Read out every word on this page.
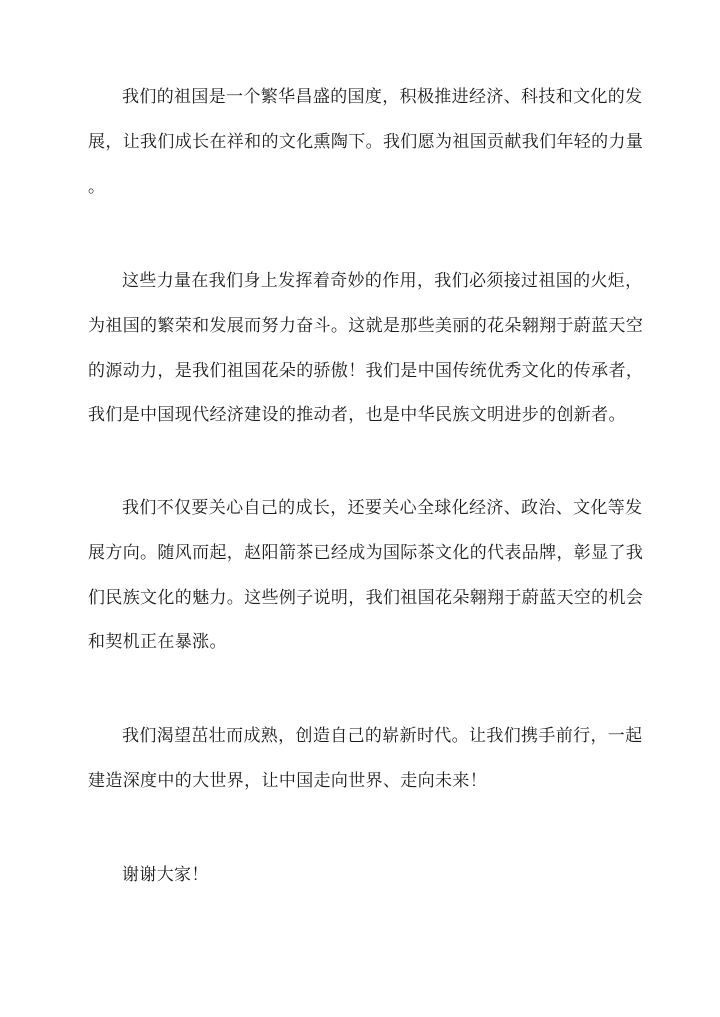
我们的祖国是一个繁华昌盛的国度，积极推进经济、科技和文化的发
展，让我们成长在祥和的文化熏陶下。我们愿为祖国贡献我们年轻的力量
。
这些力量在我们身上发挥着奇妙的作用，我们必须接过祖国的火炬，
为祖国的繁荣和发展而努力奋斗。这就是那些美丽的花朵翱翔于蔚蓝天空
的源动力，是我们祖国花朵的骄傲！我们是中国传统优秀文化的传承者，
我们是中国现代经济建设的推动者，也是中华民族文明进步的创新者。
我们不仅要关心自己的成长，还要关心全球化经济、政治、文化等发
展方向。随风而起，赵阳箭茶已经成为国际茶文化的代表品牌，彰显了我
们民族文化的魅力。这些例子说明，我们祖国花朵翱翔于蔚蓝天空的机会
和契机正在暴涨。
我们渴望茁壮而成熟，创造自己的崭新时代。让我们携手前行，一起
建造深度中的大世界，让中国走向世界、走向未来！
谢谢大家！
